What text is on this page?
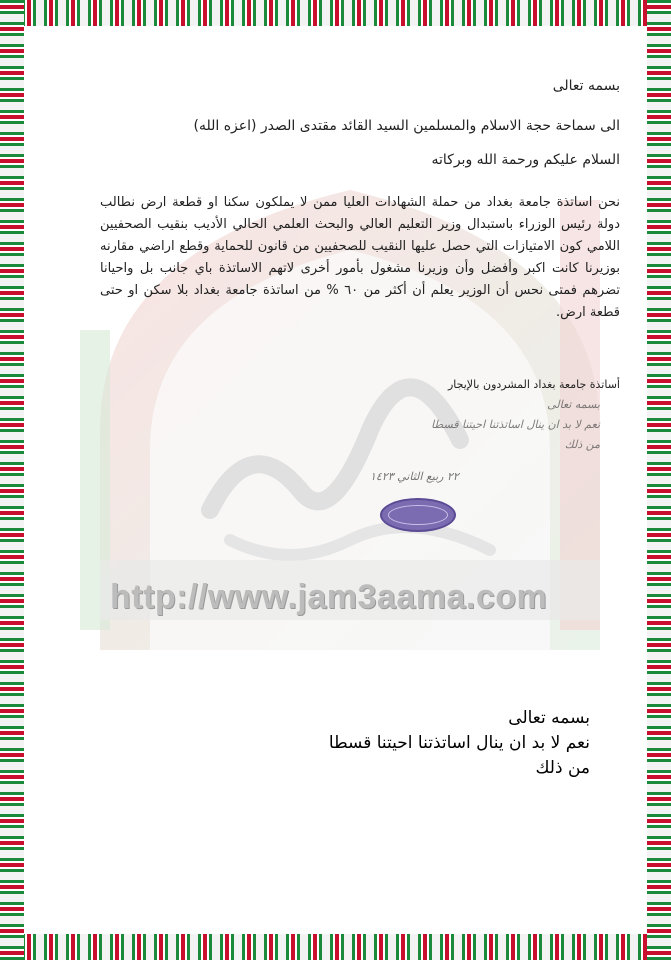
http://www.jam3aama.com
بسمه تعالى
الى سماحة حجة الاسلام والمسلمين السيد القائد مقتدى الصدر (اعزه الله)
السلام عليكم ورحمة الله وبركاته
نحن اساتذة جامعة بغداد من حملة الشهادات العليا ممن لا يملكون سكنا او قطعة ارض نطالب دولة رئيس الوزراء باستبدال وزير التعليم العالي والبحث العلمي الحالي الأديب بنقيب الصحفيين اللامي كون الامتيازات التي حصل عليها النقيب للصحفيين من قانون للحماية وقطع اراضي مقارنه بوزيرنا كانت اكبر وأفضل وأن وزيرنا مشغول بأمور أخرى لاتهم الاساتذة باي جانب بل واحيانا تضرهم فمتى نحس أن الوزير يعلم أن أكثر من ٦٠ % من اساتذة جامعة بغداد بلا سكن او حتى قطعة ارض.
أساتذة جامعة بغداد المشردون بالإيجار
بسمه تعالى
نعم لا بد ان ينال اساتذتنا احيتنا قسطا
من ذلك
٢٢ ربيع الثاني ١٤٢٣
بسمه تعالى
نعم لا بد ان ينال اساتذتنا احيتنا قسطا
من ذلك
